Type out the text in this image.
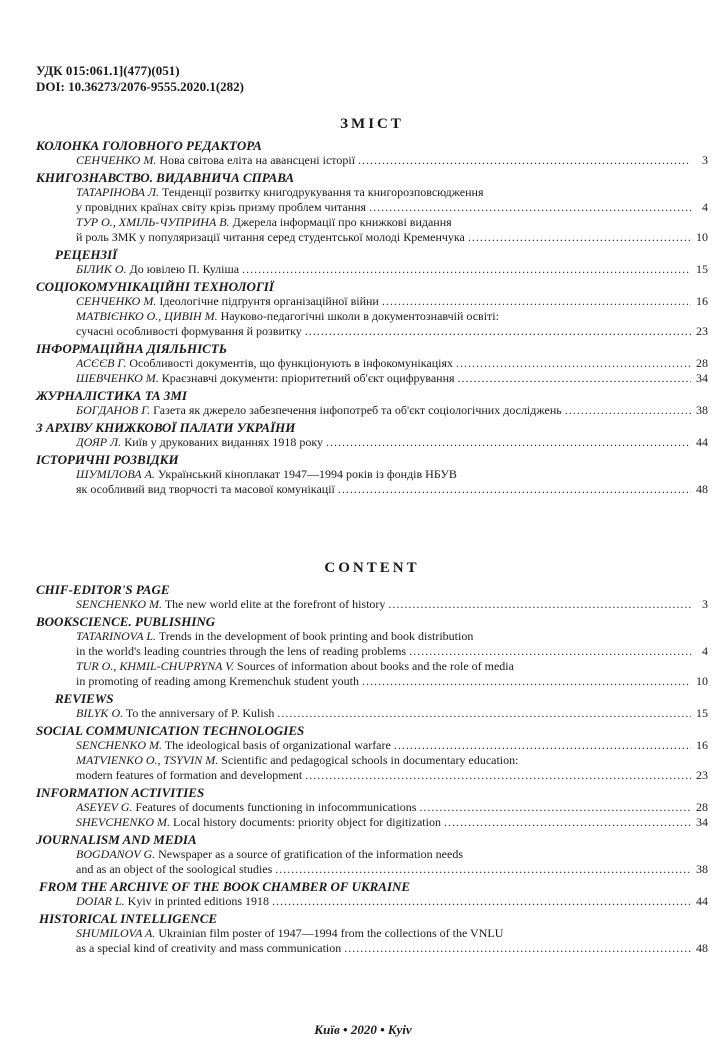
УДК 015:061.1](477)(051)
DOI: 10.36273/2076-9555.2020.1(282)
ЗМІСТ
КОЛОНКА ГОЛОВНОГО РЕДАКТОРА
СЕНЧЕНКО М. Нова світова еліта на авансцені історії .....	3
КНИГОЗНАВСТВО. ВИДАВНИЧА СПРАВА
ТАТАРІНОВА Л. Тенденції розвитку книгодрукування та книгорозповсюдження
у провідних країнах світу крізь призму проблем читання .....	4
ТУР О., ХМІЛЬ-ЧУПРИНА В. Джерела інформації про книжкові видання
й роль ЗМК у популяризації читання серед студентської молоді Кременчука .....	10
РЕЦЕНЗІЇ
БІЛИК О. До ювілею П. Куліша .....	15
СОЦІОКОМУНІКАЦІЙНІ ТЕХНОЛОГІЇ
СЕНЧЕНКО М. Ідеологічне підґрунтя організаційної війни .....	16
МАТВІЄНКО О., ЦИВІН М. Науково-педагогічні школи в документознавчій освіті:
сучасні особливості формування й розвитку .....	23
ІНФОРМАЦІЙНА ДІЯЛЬНІСТЬ
АСЄЄВ Г. Особливості документів, що функціонують в інфокомунікаціях .....	28
ШЕВЧЕНКО М. Краєзнавчі документи: пріоритетний об'єкт оцифрування .....	34
ЖУРНАЛІСТИКА ТА ЗМІ
БОГДАНОВ Г. Газета як джерело забезпечення інфопотреб та об'єкт соціологічних досліджень .....	38
З АРХІВУ КНИЖКОВОЇ ПАЛАТИ УКРАЇНИ
ДОЯР Л. Київ у друкованих виданнях 1918 року .....	44
ІСТОРИЧНІ РОЗВІДКИ
ШУМІЛОВА А. Український кіноплакат 1947—1994 років із фондів НБУВ
як особливий вид творчості та масової комунікації .....	48
CONTENT
CHIF-EDITOR'S PAGE
SENCHENKO M. The new world elite at the forefront of history .....	3
BOOKSCIENCE. PUBLISHING
TATARINOVA L. Trends in the development of book printing and book distribution
in the world's leading countries through the lens of reading problems .....	4
TUR O., KHMIL-CHUPRYNA V. Sources of information about books and the role of media
in promoting of reading among Kremenchuk student youth .....	10
REVIEWS
BILYK O. To the anniversary of P. Kulish .....	15
SOCIAL COMMUNICATION TECHNOLOGIES
SENCHENKO M. The ideological basis of organizational warfare .....	16
MATVIENKO O., TSYVIN M. Scientific and pedagogical schools in documentary education:
modern features of formation and development .....	23
INFORMATION ACTIVITIES
ASEYEV G. Features of documents functioning in infocommunications .....	28
SHEVCHENKO M. Local history documents: priority object for digitization .....	34
JOURNALISM AND MEDIA
BOGDANOV G. Newspaper as a source of gratification of the information needs
and as an object of the soological studies .....	38
FROM THE ARCHIVE OF THE BOOK CHAMBER OF UKRAINE
DOIAR L. Kyiv in printed editions 1918 .....	44
HISTORICAL INTELLIGENCE
SHUMILOVA A. Ukrainian film poster of 1947—1994 from the collections of the VNLU
as a special kind of creativity and mass communication .....	48
Київ • 2020 • Kyiv
